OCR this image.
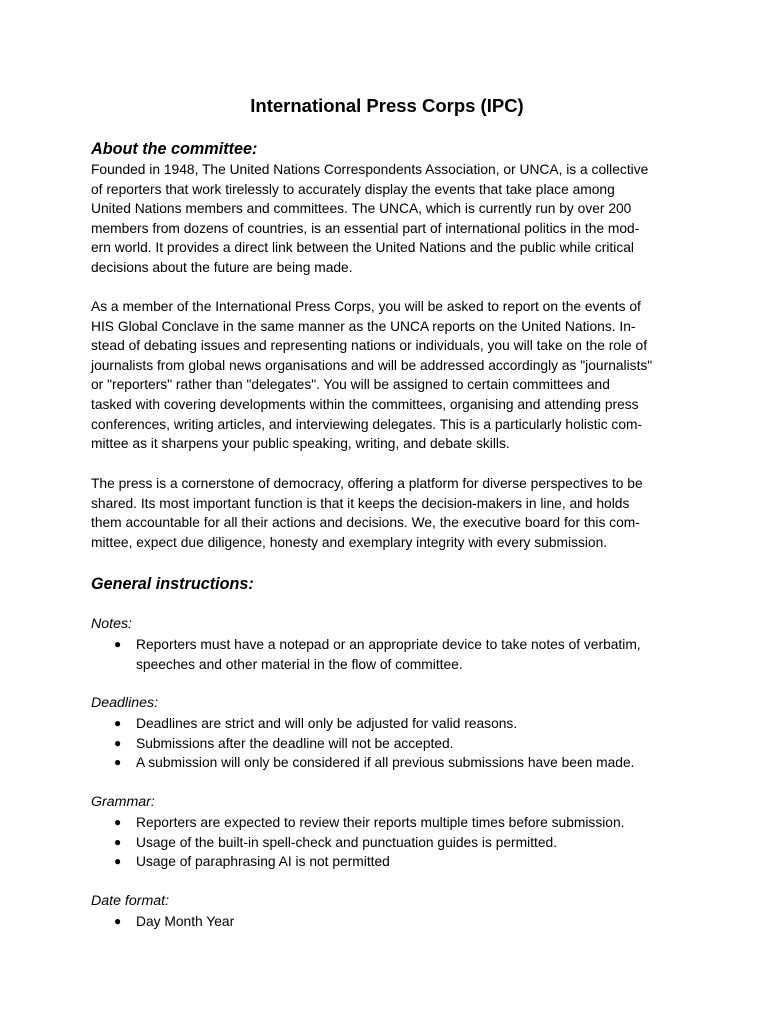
International Press Corps (IPC)
About the committee:
Founded in 1948, The United Nations Correspondents Association, or UNCA, is a collective
of reporters that work tirelessly to accurately display the events that take place among
United Nations members and committees. The UNCA, which is currently run by over 200
members from dozens of countries, is an essential part of international politics in the mod-
ern world. It provides a direct link between the United Nations and the public while critical
decisions about the future are being made.
As a member of the International Press Corps, you will be asked to report on the events of
HIS Global Conclave in the same manner as the UNCA reports on the United Nations. In-
stead of debating issues and representing nations or individuals, you will take on the role of
journalists from global news organisations and will be addressed accordingly as "journalists"
or "reporters" rather than "delegates". You will be assigned to certain committees and
tasked with covering developments within the committees, organising and attending press
conferences, writing articles, and interviewing delegates. This is a particularly holistic com-
mittee as it sharpens your public speaking, writing, and debate skills.
The press is a cornerstone of democracy, offering a platform for diverse perspectives to be
shared. Its most important function is that it keeps the decision-makers in line, and holds
them accountable for all their actions and decisions. We, the executive board for this com-
mittee, expect due diligence, honesty and exemplary integrity with every submission.
General instructions:
Notes:
● Reporters must have a notepad or an appropriate device to take notes of verbatim,
speeches and other material in the flow of committee.
Deadlines:
● Deadlines are strict and will only be adjusted for valid reasons.
● Submissions after the deadline will not be accepted.
● A submission will only be considered if all previous submissions have been made.
Grammar:
● Reporters are expected to review their reports multiple times before submission.
● Usage of the built-in spell-check and punctuation guides is permitted.
● Usage of paraphrasing AI is not permitted
Date format:
● Day Month Year
